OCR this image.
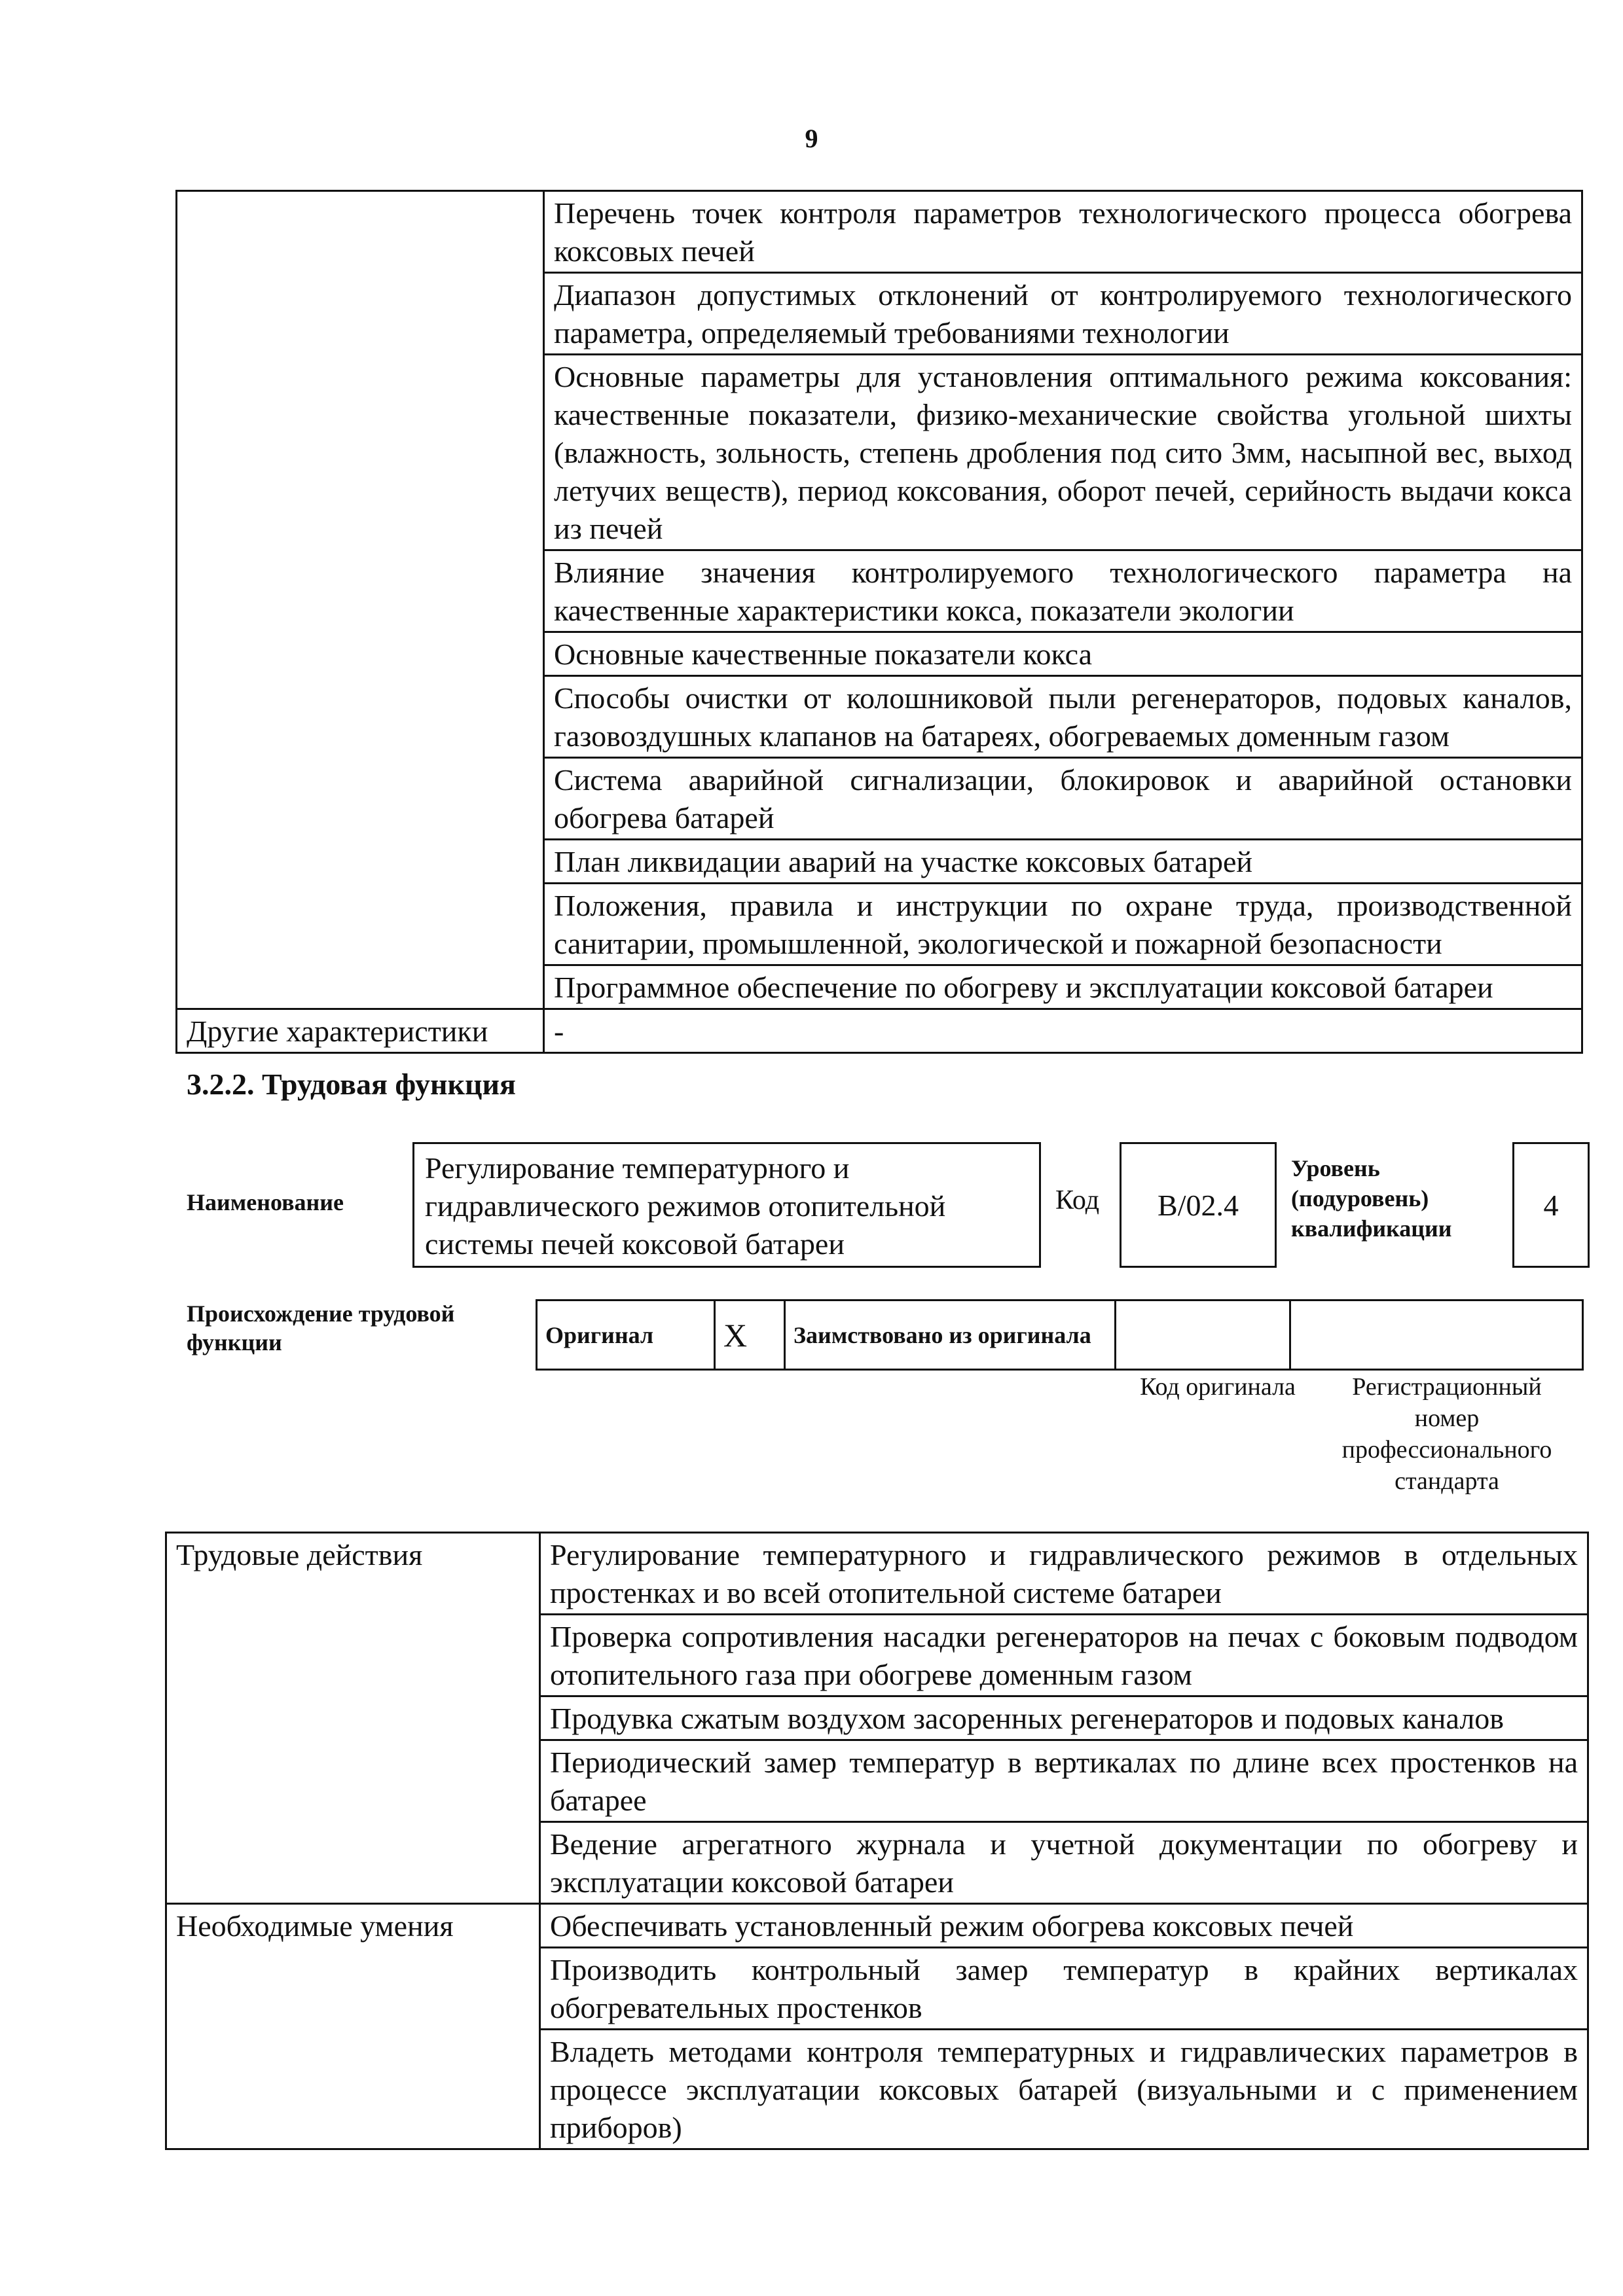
9
	Перечень точек контроля параметров технологического процесса обогрева коксовых печей
	Диапазон допустимых отклонений от контролируемого технологического параметра, определяемый требованиями технологии
	Основные параметры для установления оптимального режима коксования: качественные показатели, физико-механические свойства угольной шихты (влажность, зольность, степень дробления под сито 3мм, насыпной вес, выход летучих веществ), период коксования, оборот печей, серийность выдачи кокса из печей
	Влияние значения контролируемого технологического параметра на качественные характеристики кокса, показатели экологии
	Основные качественные показатели кокса
	Способы очистки от колошниковой пыли регенераторов, подовых каналов, газовоздушных клапанов на батареях, обогреваемых доменным газом
	Система аварийной сигнализации, блокировок и аварийной остановки обогрева батарей
	План ликвидации аварий на участке коксовых батарей
	Положения, правила и инструкции по охране труда, производственной санитарии, промышленной, экологической и пожарной безопасности
	Программное обеспечение по обогреву и эксплуатации коксовой батареи
Другие характеристики	-
3.2.2. Трудовая функция
Наименование
Регулирование температурного и гидравлического режимов отопительной системы печей коксовой батареи
Код	B/02.4
Уровень (подуровень) квалификации
4
Происхождение трудовой функции	Оригинал	X	Заимствовано из оригинала		
Код оригинала	Регистрационный номер профессионального стандарта
Трудовые действия	Регулирование температурного и гидравлического режимов в отдельных простенках и во всей отопительной системе батареи
	Проверка сопротивления насадки регенераторов на печах с боковым подводом отопительного газа при обогреве доменным газом
	Продувка сжатым воздухом засоренных регенераторов и подовых каналов
	Периодический замер температур в вертикалах по длине всех простенков на батарее
	Ведение агрегатного журнала и учетной документации по обогреву и эксплуатации коксовой батареи
Необходимые умения	Обеспечивать установленный режим обогрева коксовых печей
	Производить контрольный замер температур в крайних вертикалах обогревательных простенков
	Владеть методами контроля температурных и гидравлических параметров в процессе эксплуатации коксовых батарей (визуальными и с применением приборов)
